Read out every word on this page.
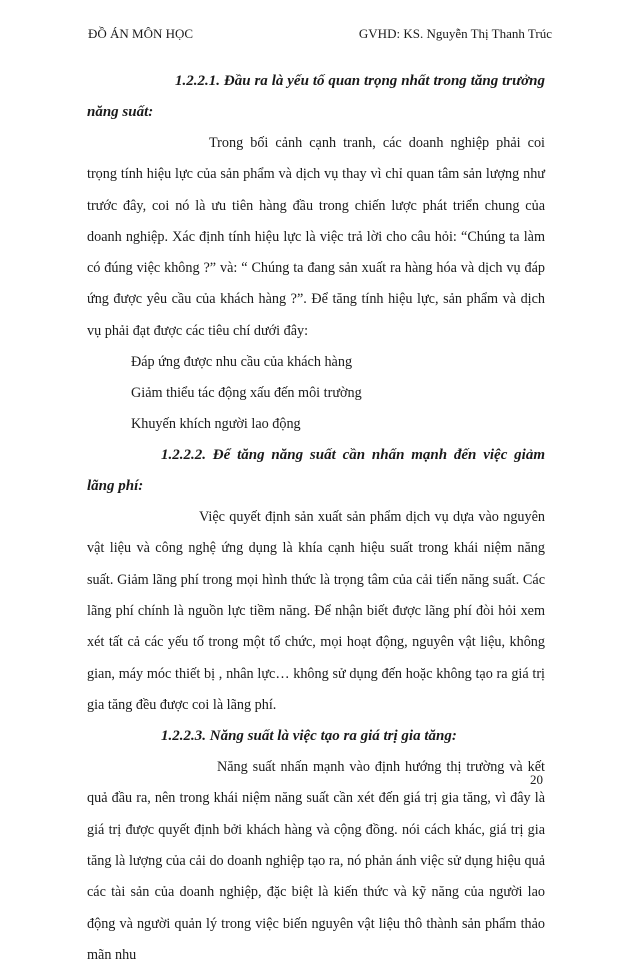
ĐỒ ÁN MÔN HỌC	GVHD: KS. Nguyễn Thị Thanh Trúc
1.2.2.1. Đầu ra là yếu tố quan trọng nhất trong tăng trưởng năng suất:

Trong bối cảnh cạnh tranh, các doanh nghiệp phải coi trọng tính hiệu lực của sản phẩm và dịch vụ thay vì chỉ quan tâm sản lượng như trước đây, coi nó là ưu tiên hàng đầu trong chiến lược phát triển chung của doanh nghiệp. Xác định tính hiệu lực là việc trả lời cho câu hỏi: “Chúng ta làm có đúng việc không ?” và: “ Chúng ta đang sản xuất ra hàng hóa và dịch vụ đáp ứng được yêu cầu của khách hàng ?”. Để tăng tính hiệu lực, sản phẩm và dịch vụ phải đạt được các tiêu chí dưới đây:

Đáp ứng được nhu cầu của khách hàng
Giảm thiểu tác động xấu đến môi trường
Khuyến khích người lao động
1.2.2.2. Để tăng năng suất cần nhấn mạnh đến việc giảm lãng phí:

Việc quyết định sản xuất sản phẩm dịch vụ dựa vào nguyên vật liệu và công nghệ ứng dụng là khía cạnh hiệu suất trong khái niệm năng suất. Giảm lãng phí trong mọi hình thức là trọng tâm của cải tiến năng suất. Các lãng phí chính là nguồn lực tiềm năng. Để nhận biết được lãng phí đòi hỏi xem xét tất cả các yếu tố trong một tổ chức, mọi hoạt động, nguyên vật liệu, không gian, máy móc thiết bị , nhân lực… không sử dụng đến hoặc không tạo ra giá trị gia tăng đều được coi là lãng phí.

1.2.2.3. Năng suất là việc tạo ra giá trị gia tăng:

Năng suất nhấn mạnh vào định hướng thị trường và kết quả đầu ra, nên trong khái niệm năng suất cần xét đến giá trị gia tăng, vì đây là giá trị được quyết định bởi khách hàng và cộng đồng. nói cách khác, giá trị gia tăng là lượng của cải do doanh nghiệp tạo ra, nó phản ánh việc sử dụng hiệu quả các tài sản của doanh nghiệp, đặc biệt là kiến thức và kỹ năng của người lao động và người quản lý trong việc biến nguyên vật liệu thô thành sản phẩm thảo mãn nhu

20
